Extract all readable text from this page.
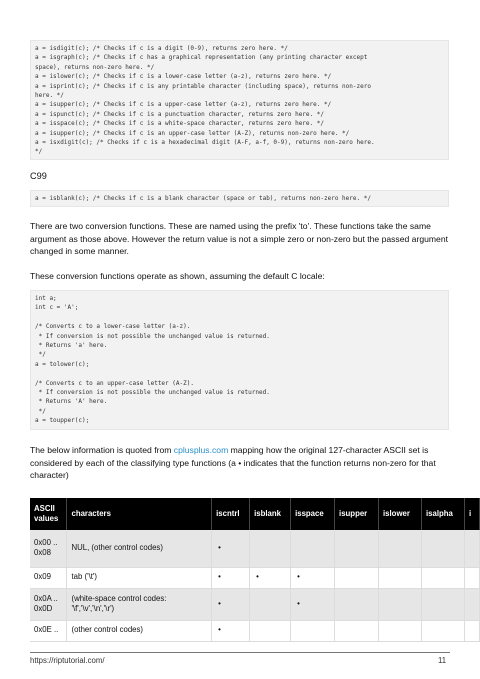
a = isdigit(c); /* Checks if c is a digit (0-9), returns zero here. */
a = isgraph(c); /* Checks if c has a graphical representation (any printing character except
space), returns non-zero here. */
a = islower(c); /* Checks if c is a lower-case letter (a-z), returns zero here. */
a = isprint(c); /* Checks if c is any printable character (including space), returns non-zero
here. */
a = isupper(c); /* Checks if c is a upper-case letter (a-z), returns zero here. */
a = ispunct(c); /* Checks if c is a punctuation character, returns zero here. */
a = isspace(c); /* Checks if c is a white-space character, returns zero here. */
a = isupper(c); /* Checks if c is an upper-case letter (A-Z), returns non-zero here. */
a = isxdigit(c); /* Checks if c is a hexadecimal digit (A-F, a-f, 0-9), returns non-zero here.
*/
C99
a = isblank(c); /* Checks if c is a blank character (space or tab), returns non-zero here. */
There are two conversion functions. These are named using the prefix 'to'. These functions take the same argument as those above. However the return value is not a simple zero or non-zero but the passed argument changed in some manner.
These conversion functions operate as shown, assuming the default C locale:
int a;
int c = 'A';
/* Converts c to a lower-case letter (a-z).
* If conversion is not possible the unchanged value is returned.
* Returns 'a' here.
*/
a = tolower(c);
/* Converts c to an upper-case letter (A-Z).
* If conversion is not possible the unchanged value is returned.
* Returns 'A' here.
*/
a = toupper(c);
The below information is quoted from cplusplus.com mapping how the original 127-character ASCII set is considered by each of the classifying type functions (a • indicates that the function returns non-zero for that character)
ASCII values	characters	iscntrl	isblank	isspace	isupper	islower	isalpha	i
0x00 .. 0x08	NUL, (other control codes)	•						
0x09	tab ('\t')	•	•	•				
0x0A .. 0x0D	(white-space control codes: '\f','\v','\n','\r')	•		•				
0x0E ..	(other control codes)	•						
https://riptutorial.com/	11
